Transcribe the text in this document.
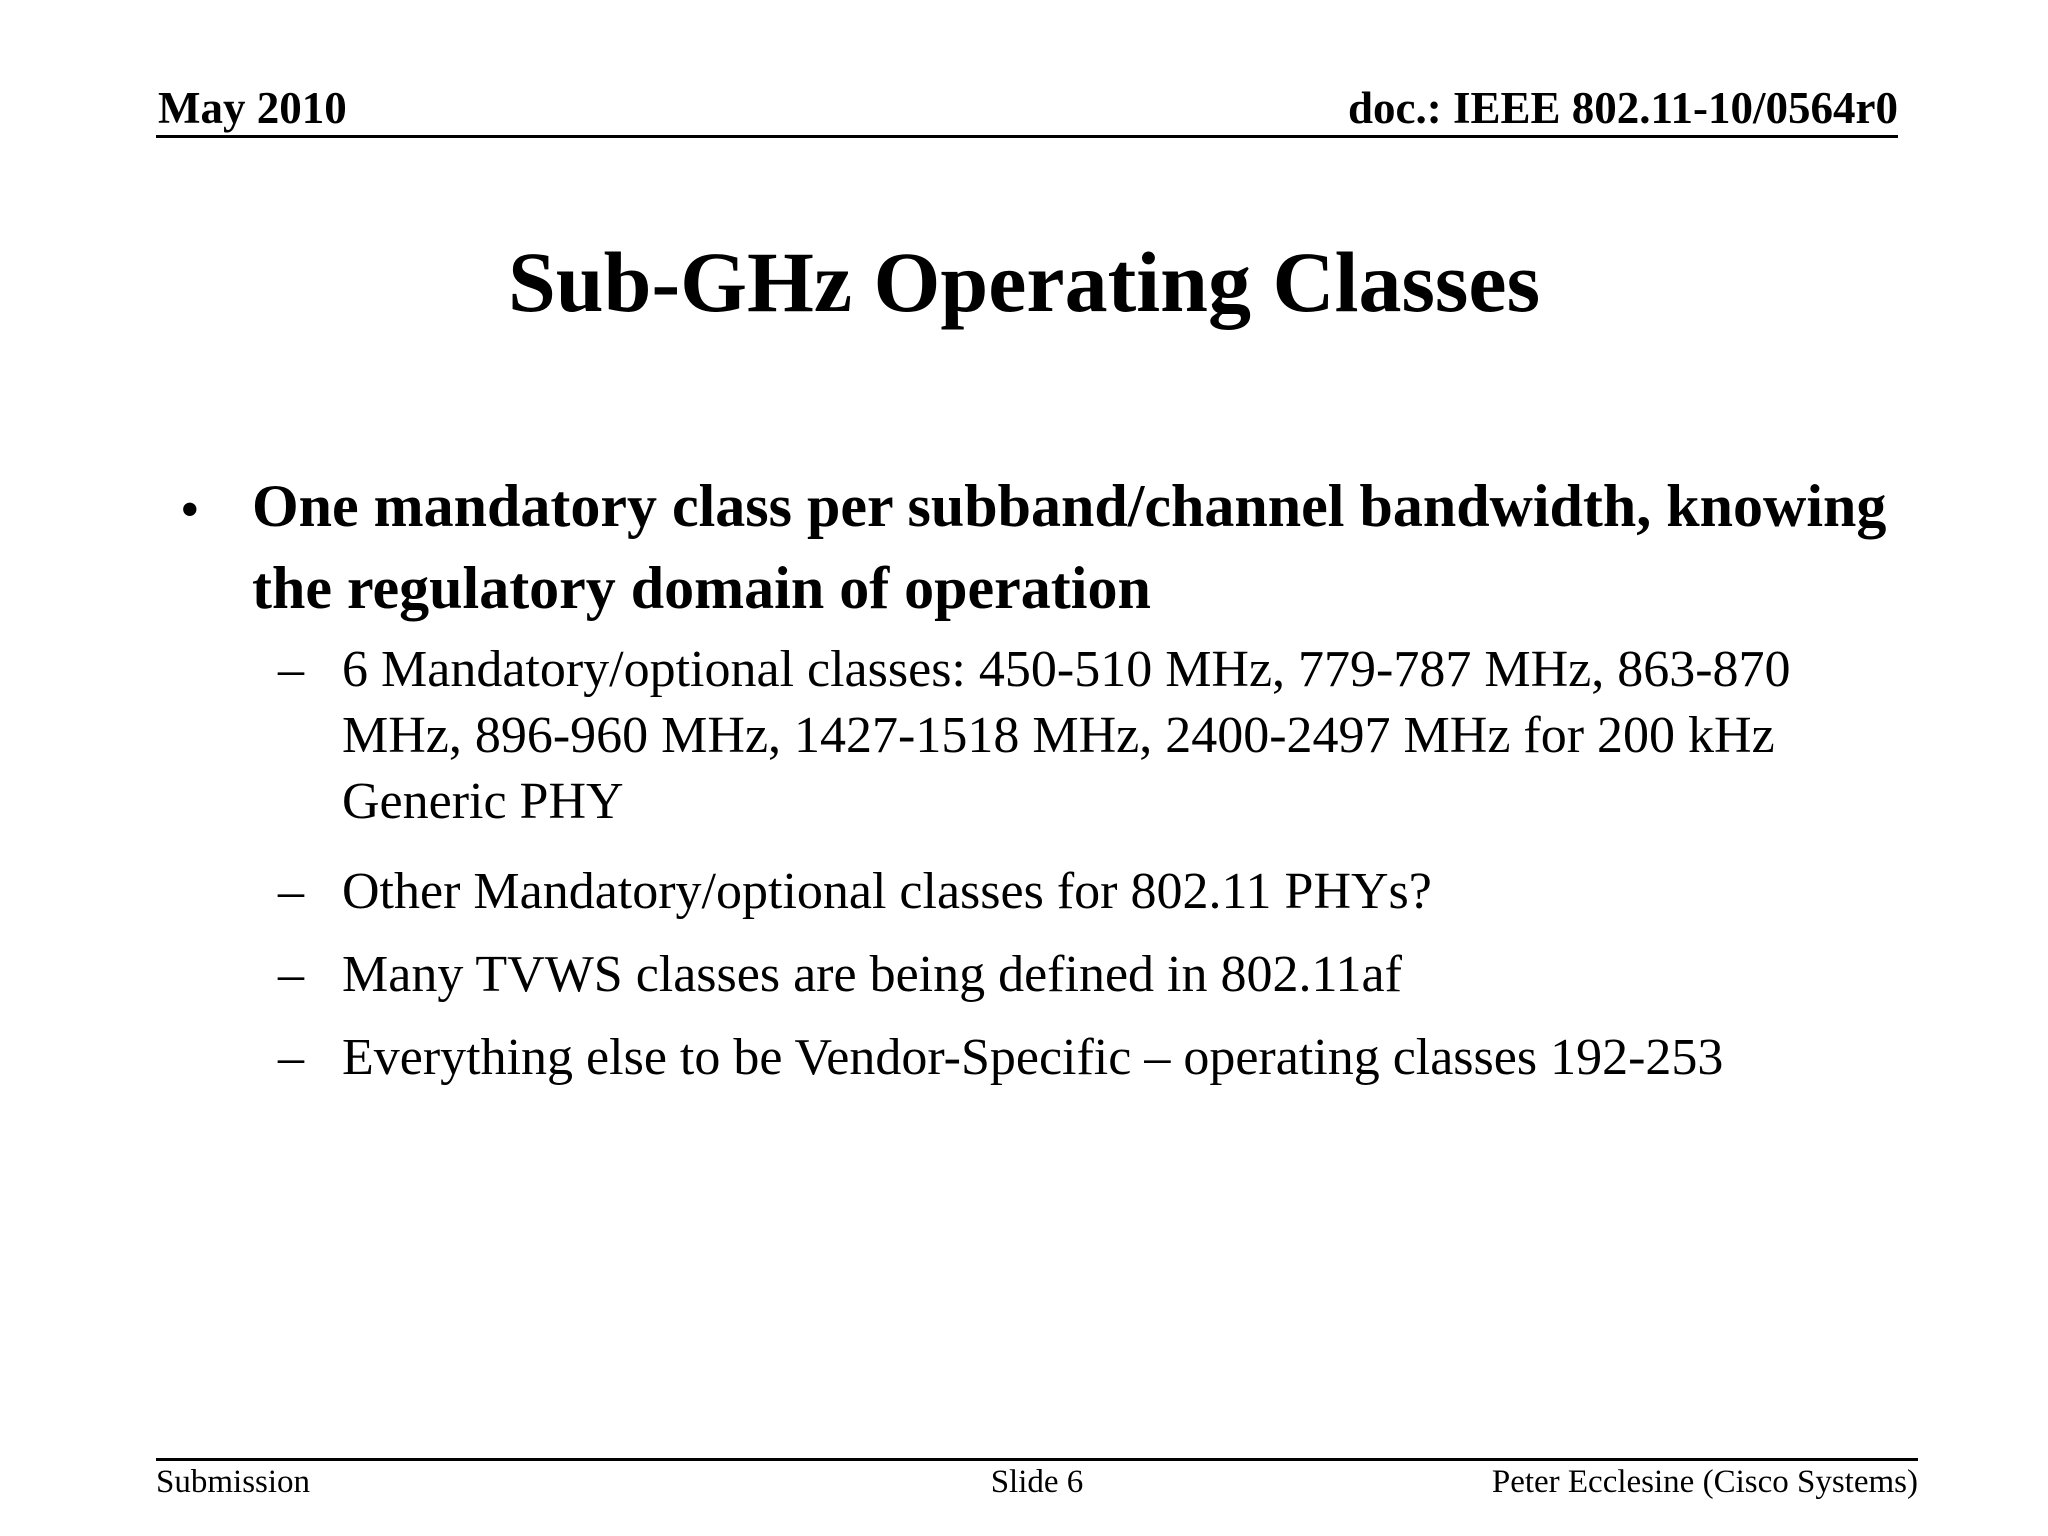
May 2010	doc.: IEEE 802.11-10/0564r0
Sub-GHz Operating Classes
• One mandatory class per subband/channel bandwidth, knowing the regulatory domain of operation
– 6 Mandatory/optional classes: 450-510 MHz, 779-787 MHz, 863-870 MHz, 896-960 MHz, 1427-1518 MHz, 2400-2497 MHz for 200 kHz Generic PHY
– Other Mandatory/optional classes for 802.11 PHYs?
– Many TVWS classes are being defined in 802.11af
– Everything else to be Vendor-Specific – operating classes 192-253
Submission	Slide 6	Peter Ecclesine (Cisco Systems)
